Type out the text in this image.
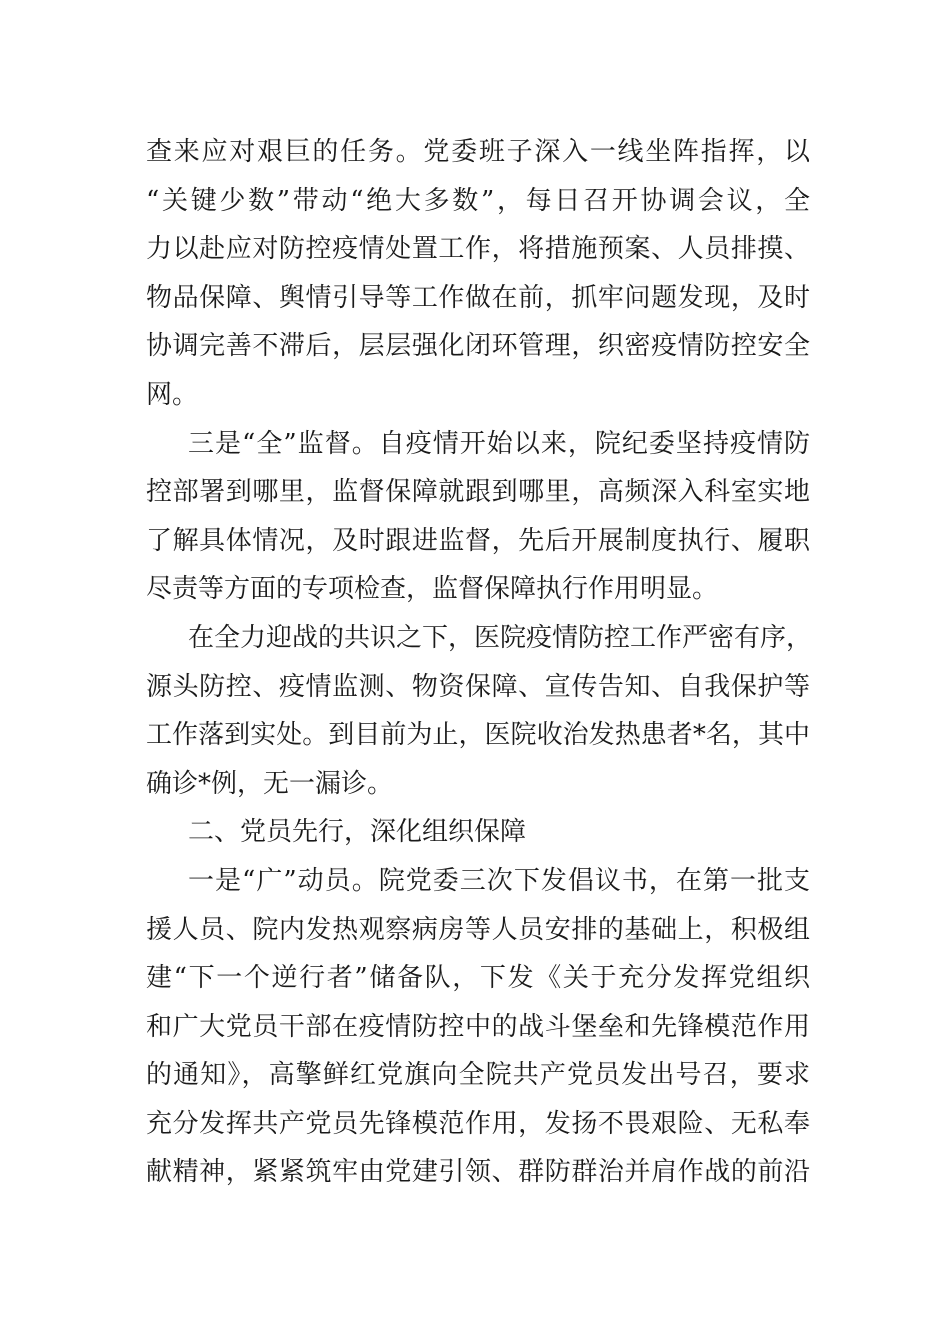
查来应对艰巨的任务。党委班子深入一线坐阵指挥，以
“关键少数”带动“绝大多数”，每日召开协调会议，全
力以赴应对防控疫情处置工作，将措施预案、人员排摸、
物品保障、舆情引导等工作做在前，抓牢问题发现，及时
协调完善不滞后，层层强化闭环管理，织密疫情防控安全
网。
三是“全”监督。自疫情开始以来，院纪委坚持疫情防
控部署到哪里，监督保障就跟到哪里，高频深入科室实地
了解具体情况，及时跟进监督，先后开展制度执行、履职
尽责等方面的专项检查，监督保障执行作用明显。
在全力迎战的共识之下，医院疫情防控工作严密有序，
源头防控、疫情监测、物资保障、宣传告知、自我保护等
工作落到实处。到目前为止，医院收治发热患者*名，其中
确诊*例，无一漏诊。
二、党员先行，深化组织保障
一是“广”动员。院党委三次下发倡议书，在第一批支
援人员、院内发热观察病房等人员安排的基础上，积极组
建“下一个逆行者”储备队，下发《关于充分发挥党组织
和广大党员干部在疫情防控中的战斗堡垒和先锋模范作用
的通知》，高擎鲜红党旗向全院共产党员发出号召，要求
充分发挥共产党员先锋模范作用，发扬不畏艰险、无私奉
献精神，紧紧筑牢由党建引领、群防群治并肩作战的前沿
